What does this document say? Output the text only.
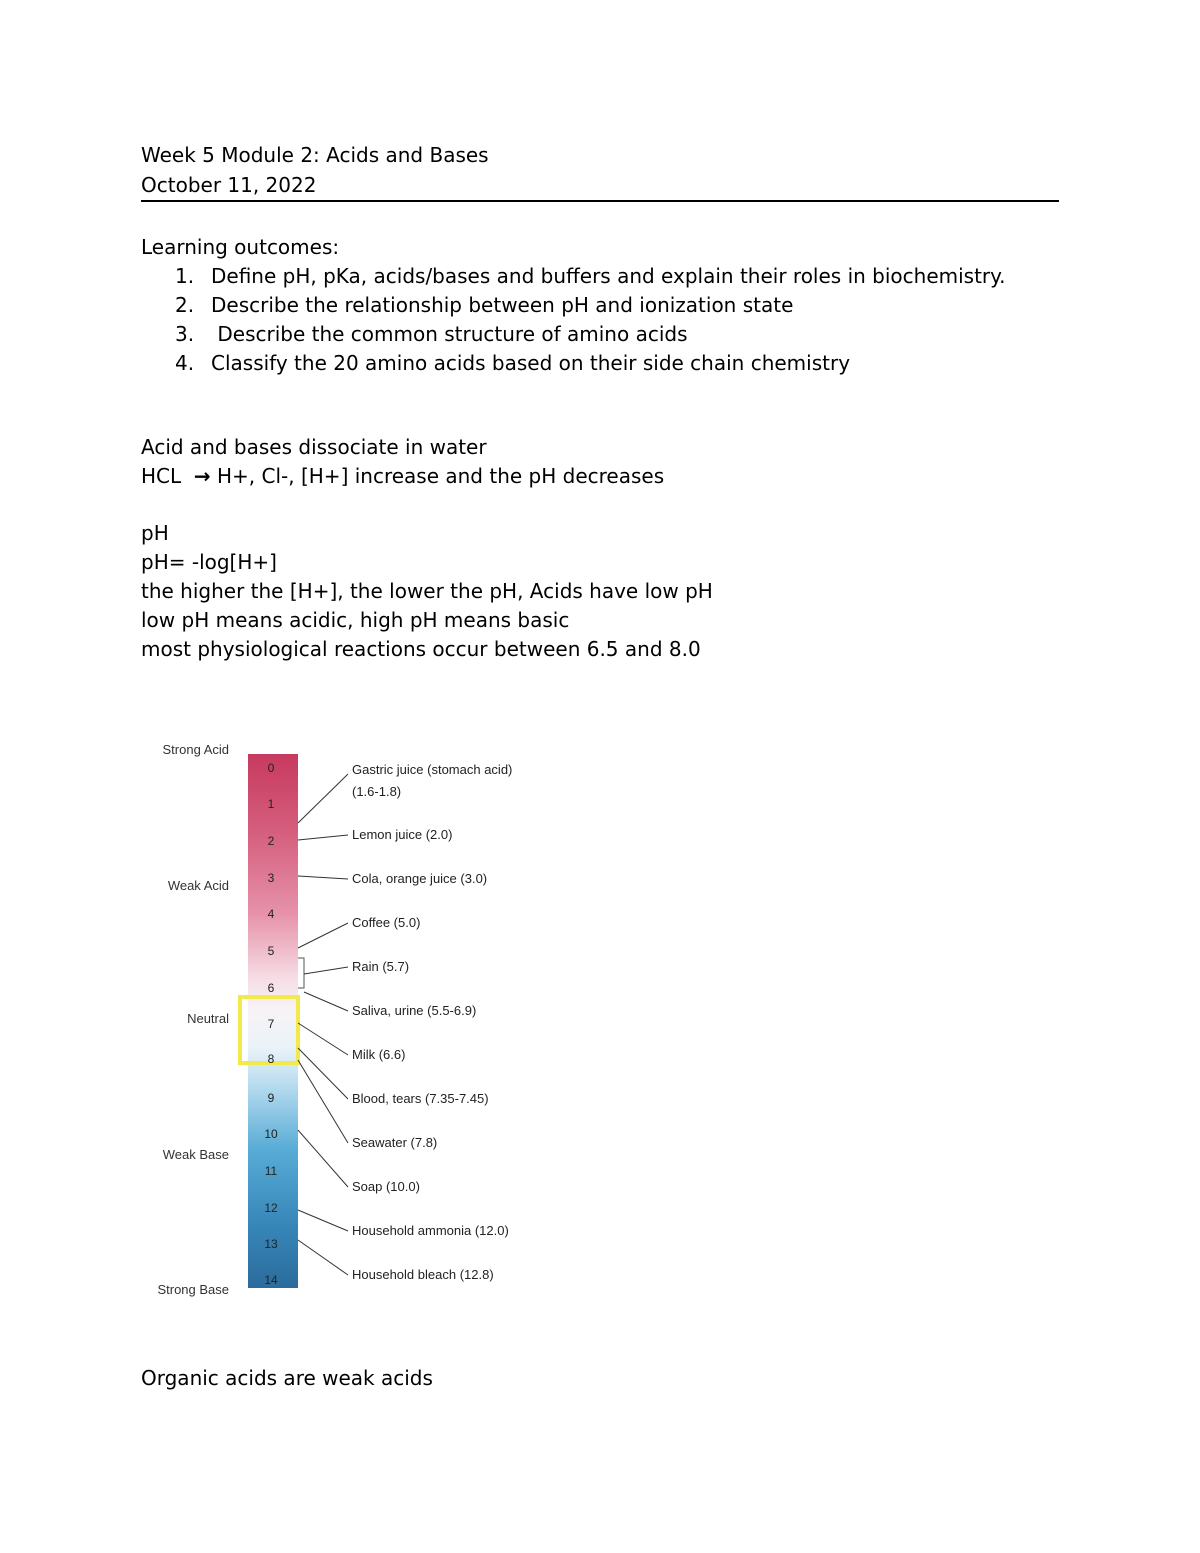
Week 5 Module 2: Acids and Bases
October 11, 2022
Learning outcomes:
1. Define pH, pKa, acids/bases and buffers and explain their roles in biochemistry.
2. Describe the relationship between pH and ionization state
3. Describe the common structure of amino acids
4. Classify the 20 amino acids based on their side chain chemistry
Acid and bases dissociate in water
HCL  → H+, Cl-, [H+] increase and the pH decreases
pH
pH= -log[H+]
the higher the [H+], the lower the pH, Acids have low pH
low pH means acidic, high pH means basic
most physiological reactions occur between 6.5 and 8.0
0
1
2
3
4
5
6
7
8
9
10
11
12
13
14
Strong Acid
Weak Acid
Neutral
Weak Base
Strong Base
Gastric juice (stomach acid)
(1.6-1.8)
Lemon juice (2.0)
Cola, orange juice (3.0)
Coffee (5.0)
Rain (5.7)
Saliva, urine (5.5-6.9)
Milk (6.6)
Blood, tears (7.35-7.45)
Seawater (7.8)
Soap (10.0)
Household ammonia (12.0)
Household bleach (12.8)
Organic acids are weak acids
